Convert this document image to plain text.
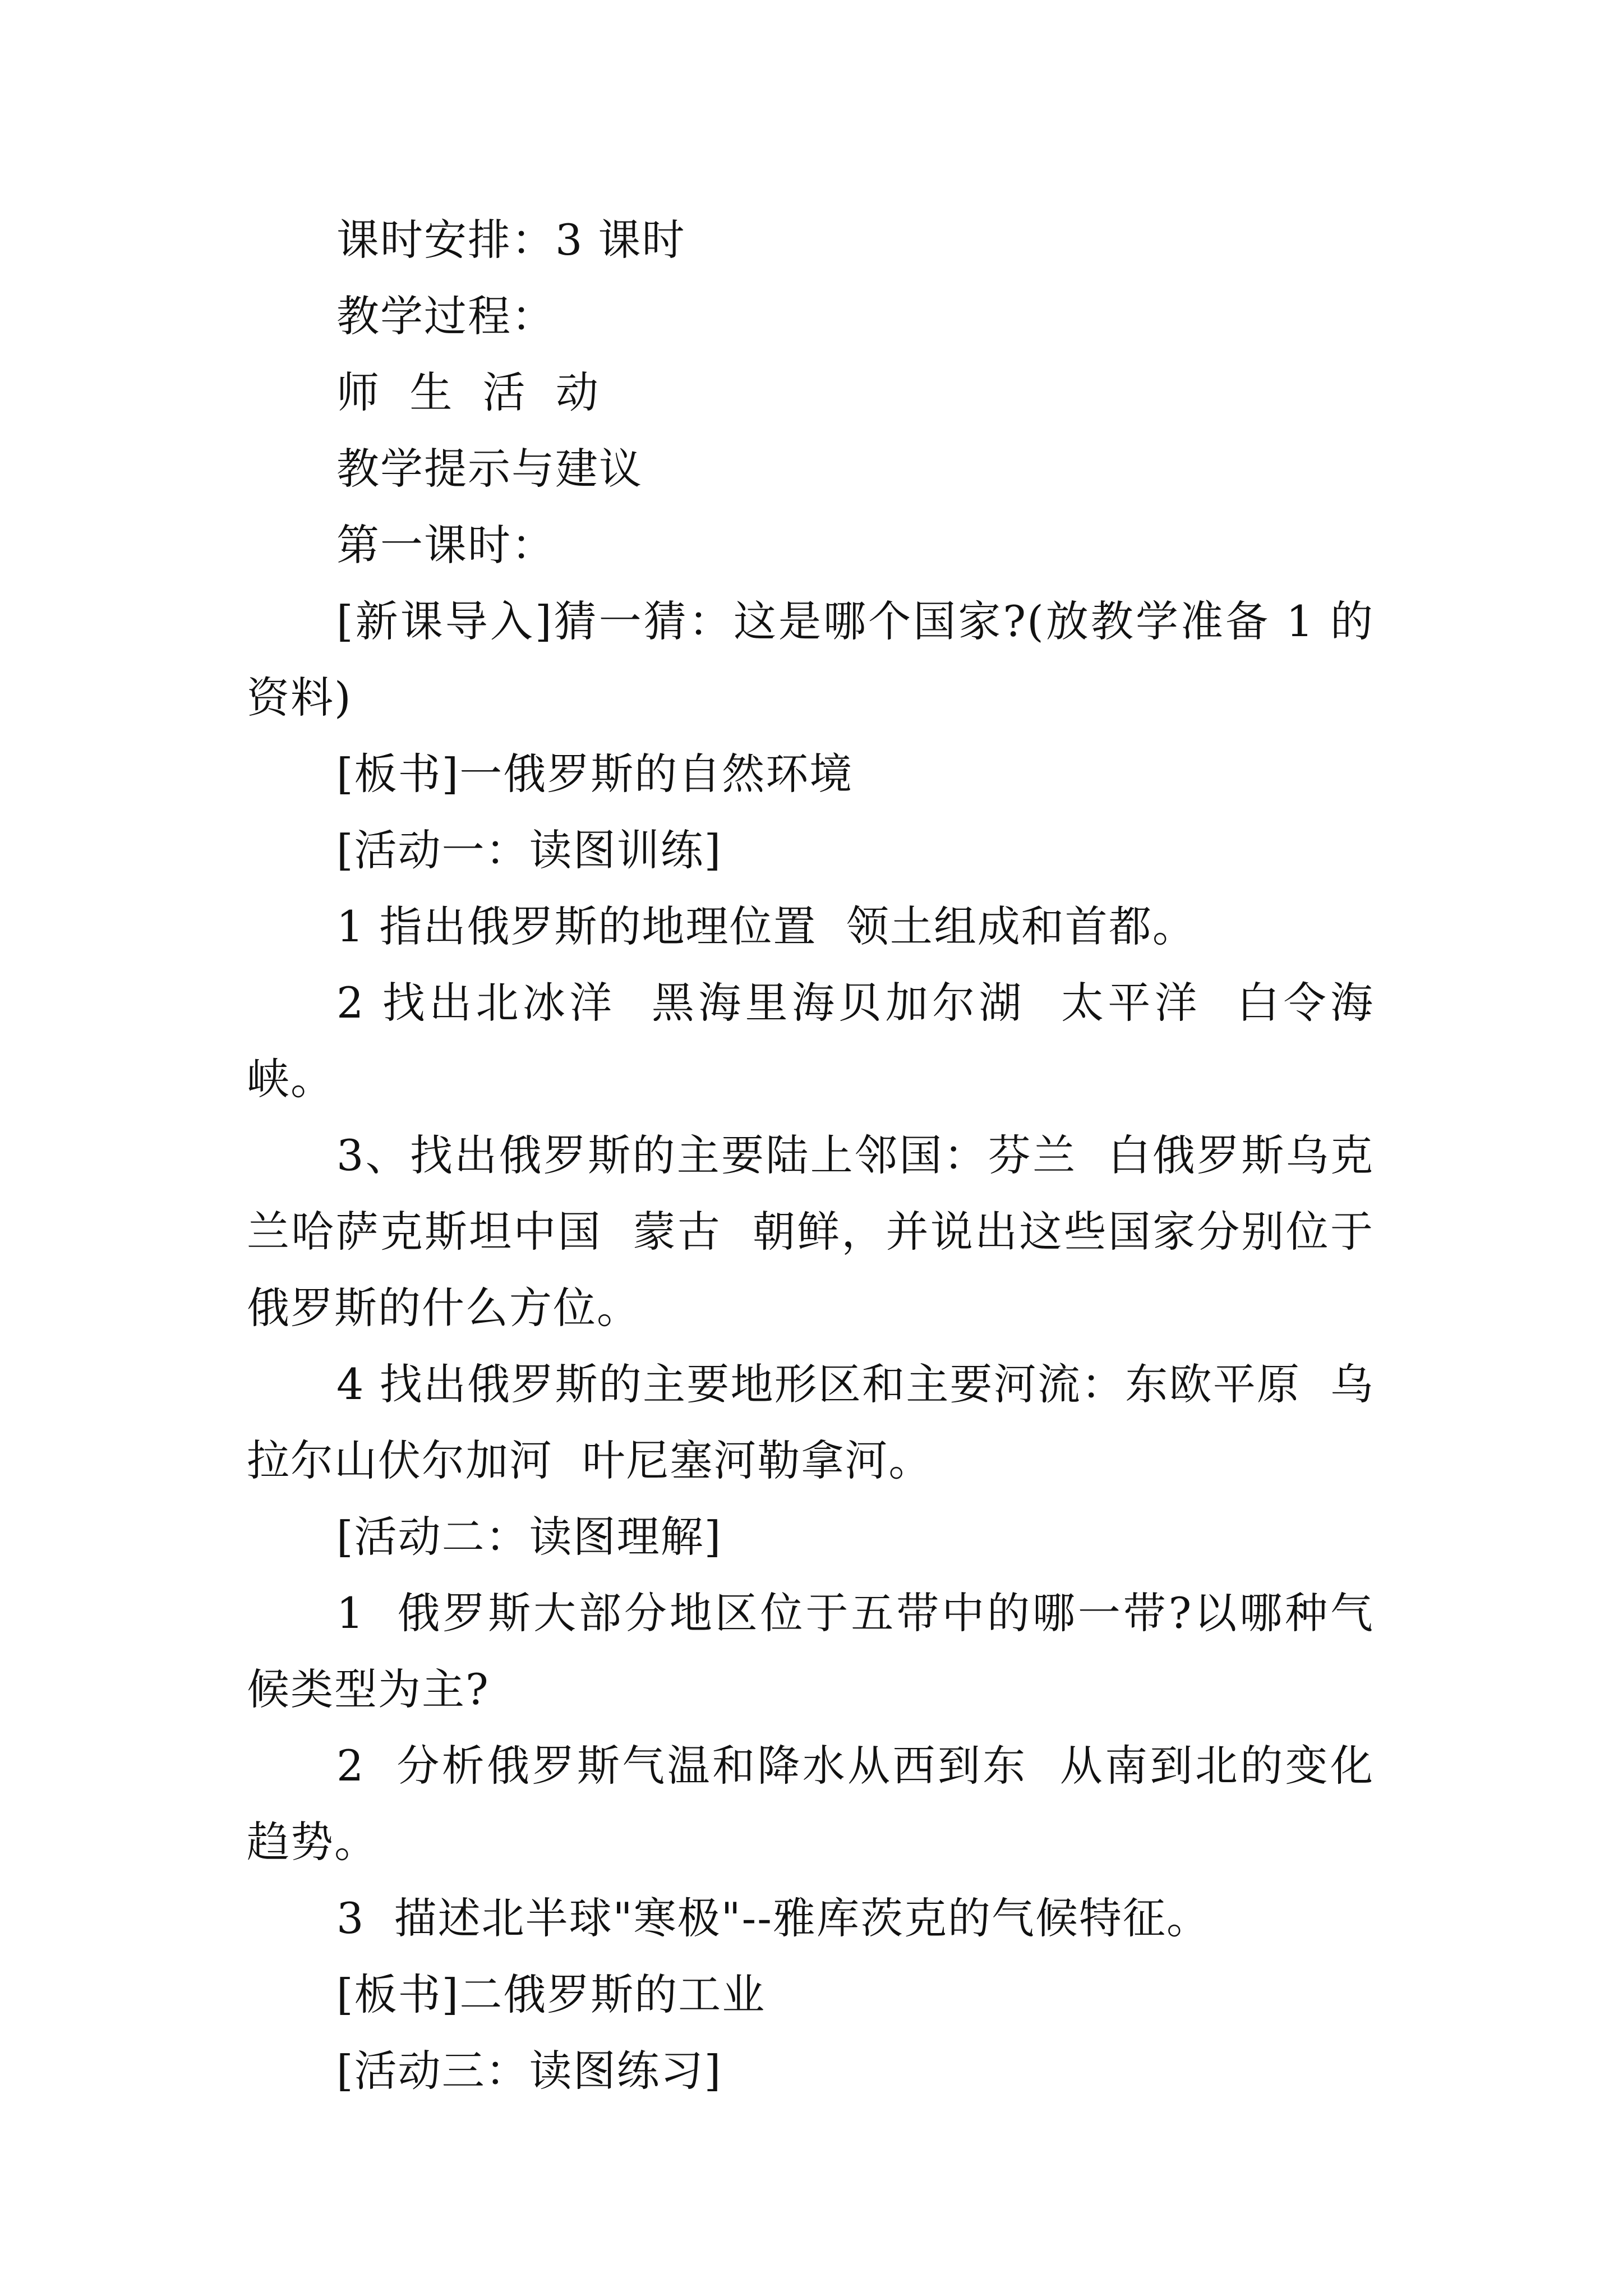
课时安排：3 课时

教学过程：

师  生  活  动

教学提示与建议

第一课时：

[新课导入]猜一猜：这是哪个国家?(放教学准备 1 的资料)

[板书]一俄罗斯的自然环境

[活动一：读图训练]

1 指出俄罗斯的地理位置  领土组成和首都。

2 找出北冰洋  黑海里海贝加尔湖  太平洋  白令海峡。

3、找出俄罗斯的主要陆上邻国：芬兰  白俄罗斯乌克兰哈萨克斯坦中国  蒙古  朝鲜，并说出这些国家分别位于俄罗斯的什么方位。

4 找出俄罗斯的主要地形区和主要河流：东欧平原  乌拉尔山伏尔加河  叶尼塞河勒拿河。

[活动二：读图理解]

1  俄罗斯大部分地区位于五带中的哪一带?以哪种气候类型为主?

2  分析俄罗斯气温和降水从西到东  从南到北的变化趋势。

3  描述北半球"寒极"--雅库茨克的气候特征。

[板书]二俄罗斯的工业

[活动三：读图练习]
